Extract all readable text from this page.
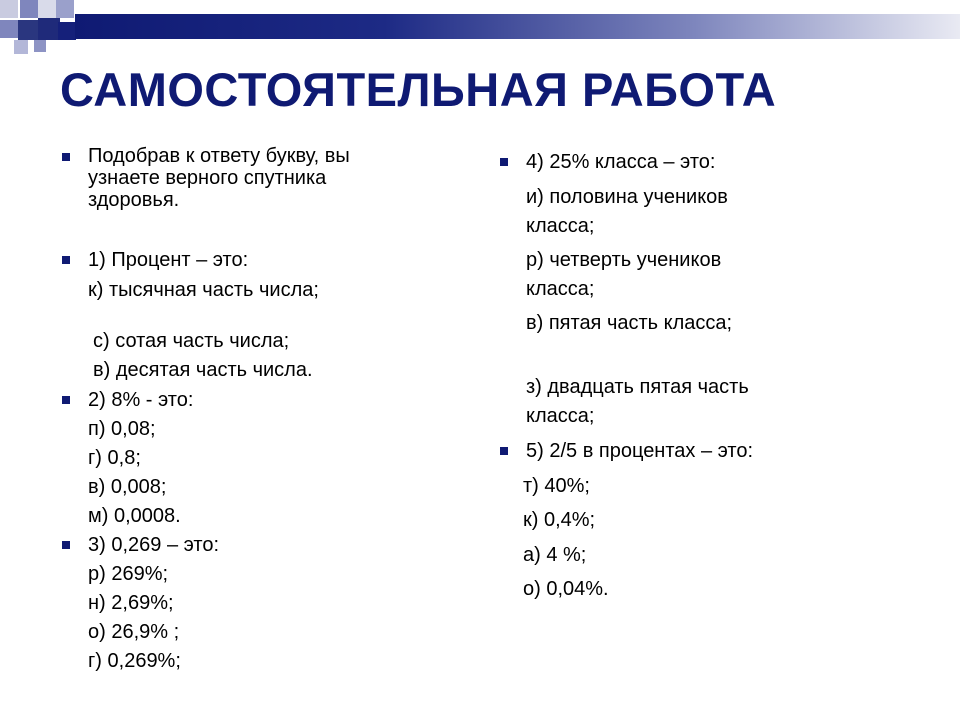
САМОСТОЯТЕЛЬНАЯ РАБОТА
Подобрав к ответу букву, вы
узнаете верного спутника
здоровья.
1) Процент – это:
к) тысячная часть числа;
с) сотая часть числа;
в) десятая часть числа.
2) 8% - это:
п) 0,08;
г) 0,8;
в) 0,008;
м) 0,0008.
3) 0,269 – это:
р) 269%;
н) 2,69%;
о) 26,9% ;
г) 0,269%;
4) 25% класса – это:
и) половина учеников
класса;
р) четверть учеников
класса;
в) пятая часть класса;
з) двадцать пятая часть
класса;
5) 2/5 в процентах – это:
т) 40%;
к) 0,4%;
а) 4 %;
о) 0,04%.
